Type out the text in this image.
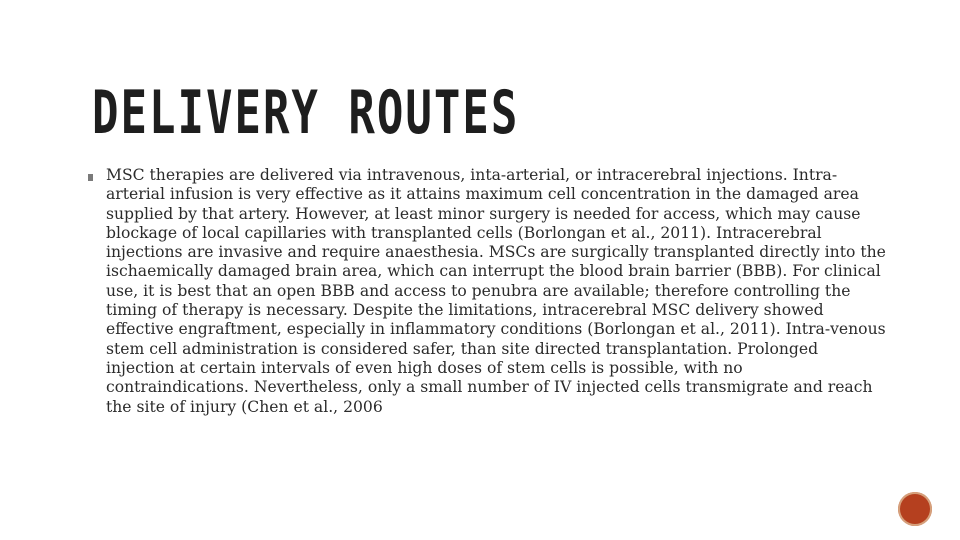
DELIVERY ROUTES

MSC therapies are delivered via intravenous, inta-arterial, or intracerebral injections. Intra-arterial infusion is very effective as it attains maximum cell concentration in the damaged area supplied by that artery. However, at least minor surgery is needed for access, which may cause blockage of local capillaries with transplanted cells (Borlongan et al., 2011). Intracerebral injections are invasive and require anaesthesia. MSCs are surgically transplanted directly into the ischaemically damaged brain area, which can interrupt the blood brain barrier (BBB). For clinical use, it is best that an open BBB and access to penubra are available; therefore controlling the timing of therapy is necessary. Despite the limitations, intracerebral MSC delivery showed effective engraftment, especially in inflammatory conditions (Borlongan et al., 2011). Intra-venous stem cell administration is considered safer, than site directed transplantation. Prolonged injection at certain intervals of even high doses of stem cells is possible, with no contraindications. Nevertheless, only a small number of IV injected cells transmigrate and reach the site of injury (Chen et al., 2006
